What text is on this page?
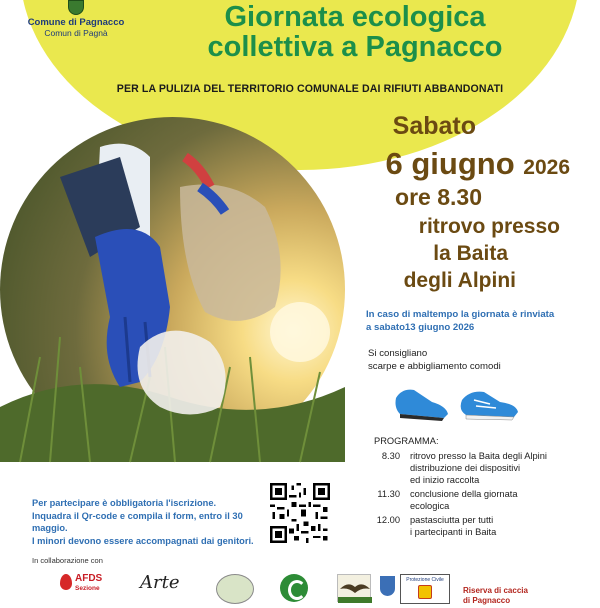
Comune di Pagnacco
Comun di Pagnà	Giornata ecologica
collettiva a Pagnacco
PER LA PULIZIA DEL TERRITORIO COMUNALE DAI RIFIUTI ABBANDONATI
Sabato
6 giugno 2026
ore 8.30
ritrovo presso
la Baita
degli Alpini
In caso di maltempo la giornata è rinviata
a sabato13 giugno 2026
Si consigliano
scarpe e abbigliamento comodi
PROGRAMMA:
8.30	ritrovo presso la Baita degli Alpini
distribuzione dei dispositivi
ed inizio raccolta
11.30	conclusione della giornata
ecologica
12.00	pastasciutta per tutti
i partecipanti in Baita
Per partecipare è obbligatoria l'iscrizione.
Inquadra il Qr-code e compila il form, entro il 30 maggio.
I minori devono essere accompagnati dai genitori.
In collaborazione con
AFDS
Sezione Arte	Protezione Civile
Riserva di caccia
di Pagnacco
